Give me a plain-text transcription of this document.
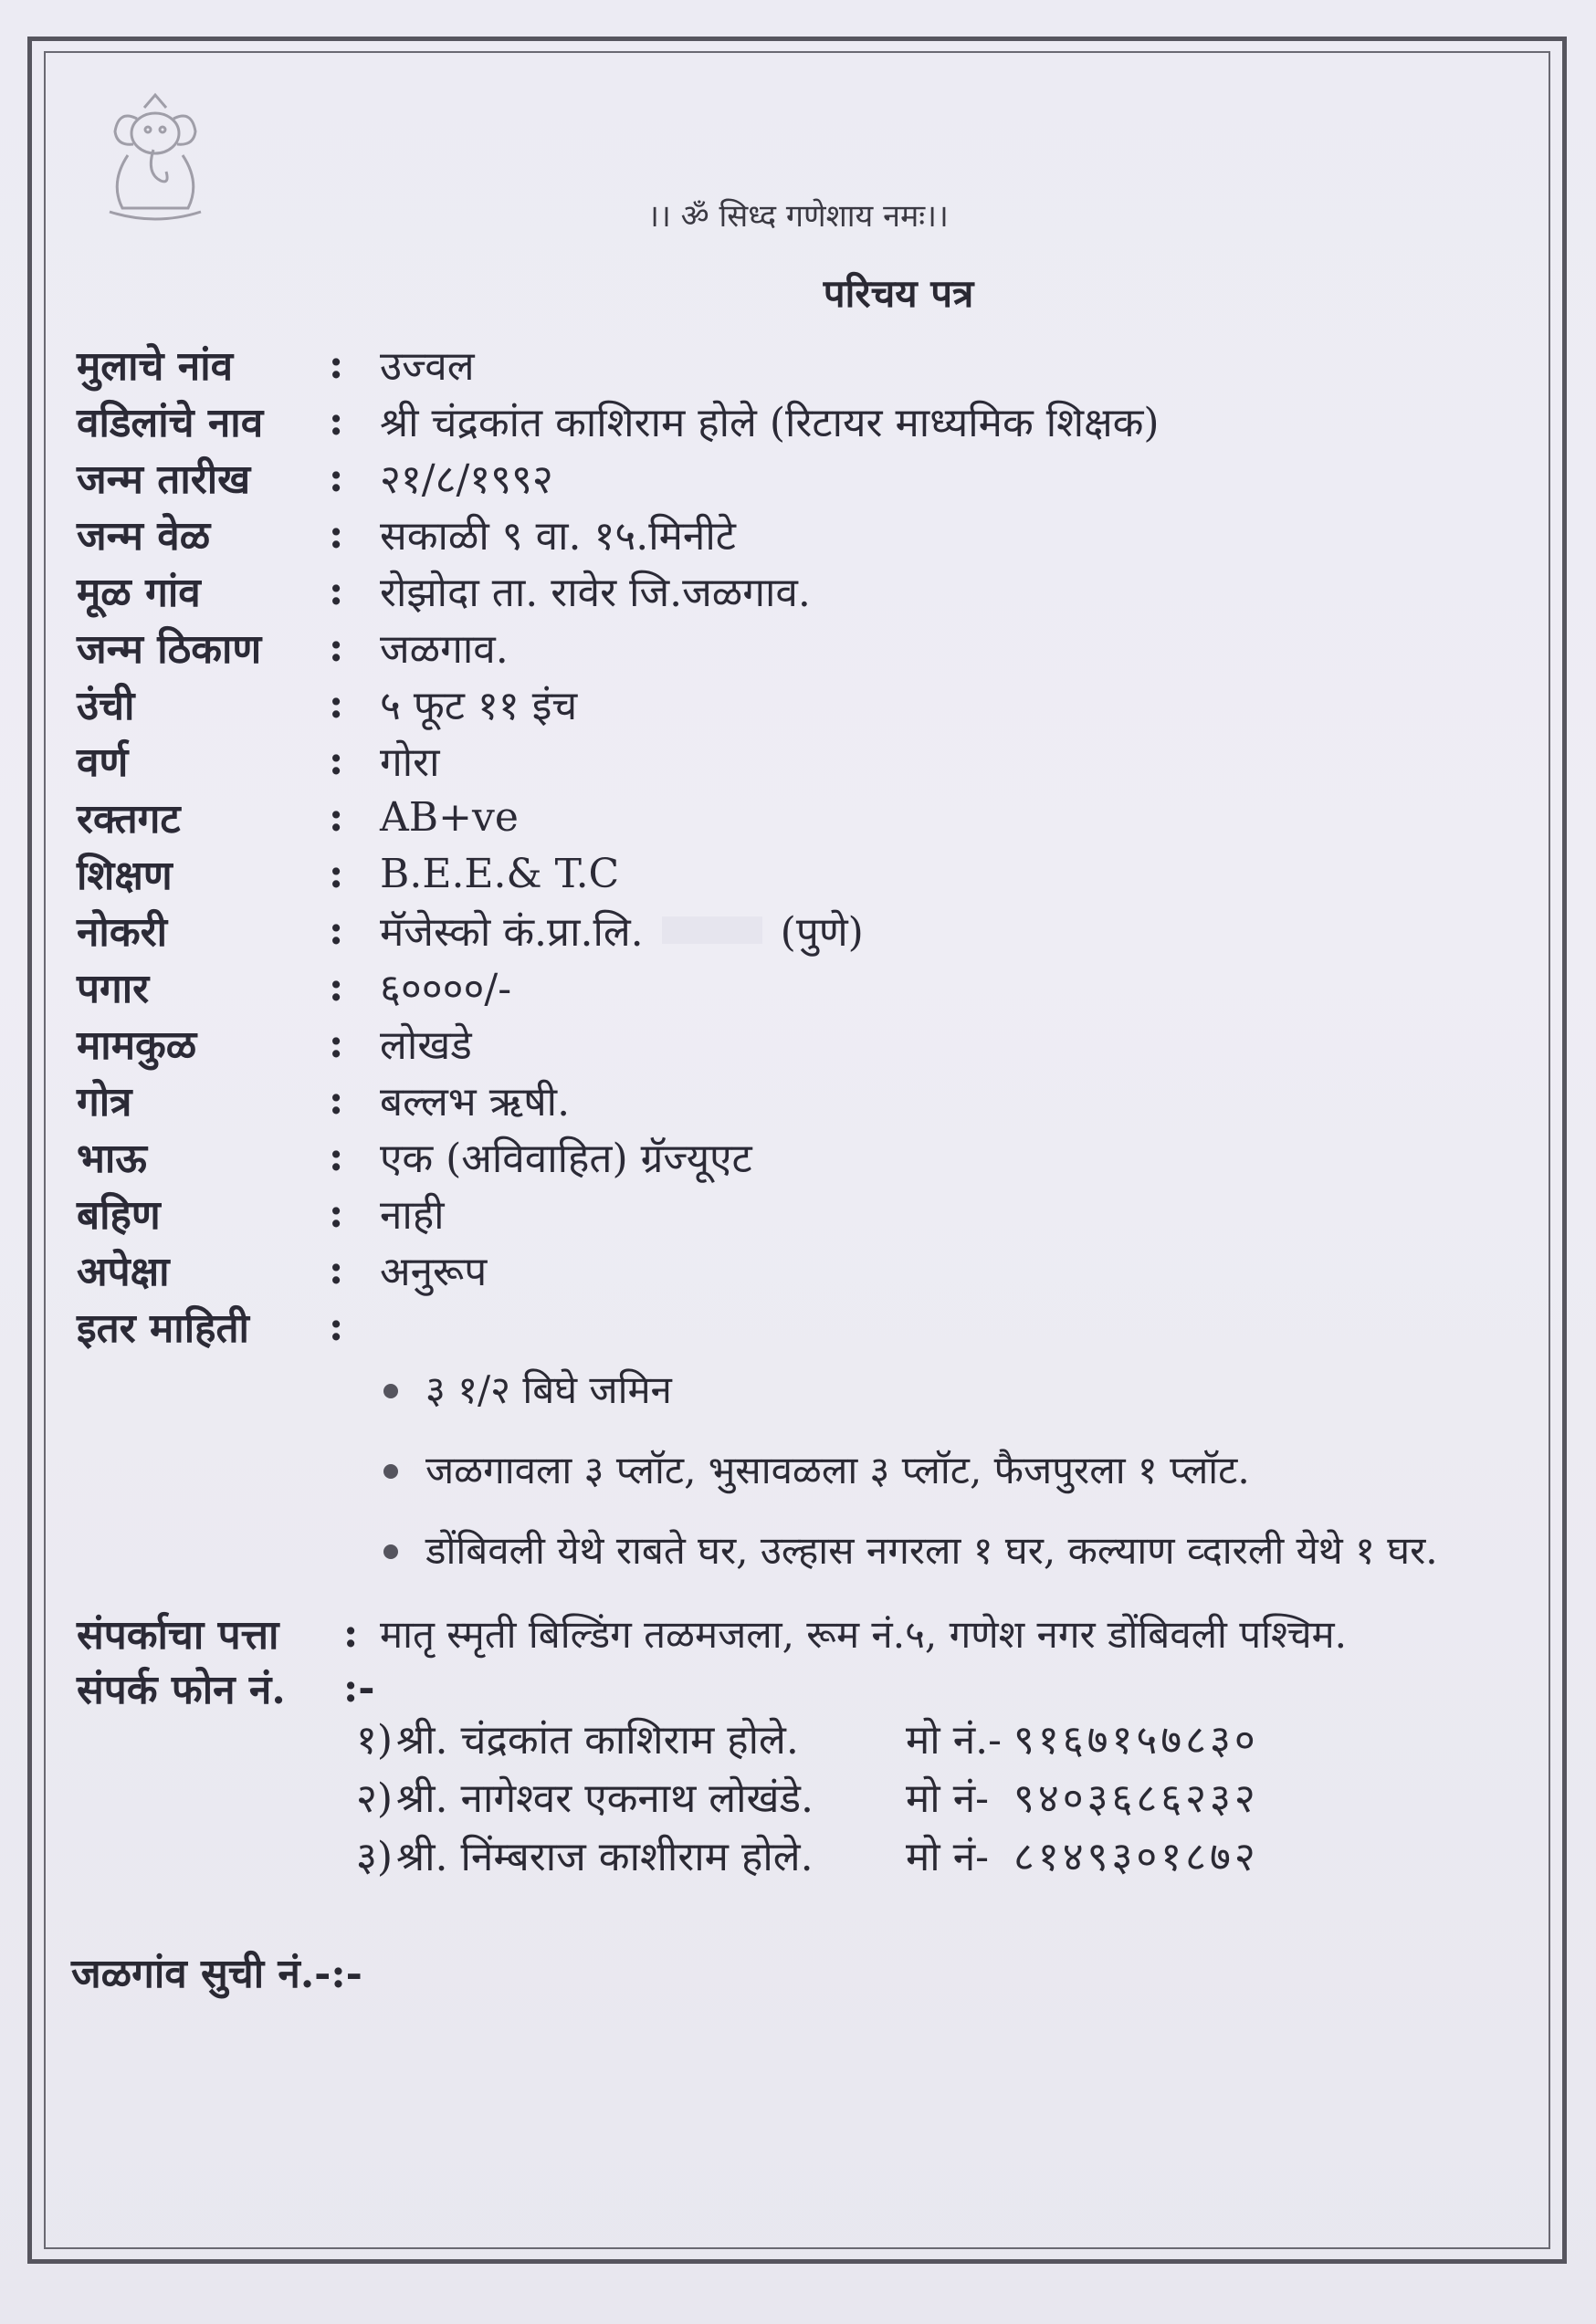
।। ॐ सिध्द गणेशाय नमः।।
परिचय पत्र
मुलाचे नांव	: उज्वल
वडिलांचे नाव	: श्री चंद्रकांत काशिराम होले (रिटायर माध्यमिक शिक्षक)
जन्म तारीख	: २१/८/१९९२
जन्म वेळ	: सकाळी ९ वा. १५.मिनीटे
मूळ गांव	: रोझोदा ता. रावेर जि.जळगाव.
जन्म ठिकाण	: जळगाव.
उंची	: ५ फूट ११ इंच
वर्ण	: गोरा
रक्तगट	: AB+ve
शिक्षण	: B.E.E.& T.C
नोकरी	: मॅजेस्को कं.प्रा.लि.	(पुणे)
पगार	: ६००००/-
मामकुळ	: लोखडे
गोत्र	: बल्लभ ऋषी.
भाऊ	: एक (अविवाहित) ग्रॅज्यूएट
बहिण	: नाही
अपेक्षा	: अनुरूप
इतर माहिती	:
३ १/२ बिघे जमिन
जळगावला ३ प्लॉट, भुसावळला ३ प्लॉट, फैजपुरला १ प्लॉट.
डोंबिवली येथे राबते घर, उल्हास नगरला १ घर, कल्याण व्दारली येथे १ घर.
संपर्काचा पत्ता	: मातृ स्मृती बिल्डिंग तळमजला, रूम नं.५, गणेश नगर डोंबिवली पश्चिम.
संपर्क फोन नं.	:-
१) श्री. चंद्रकांत काशिराम होले.	मो नं.- ९१६७१५७८३०
२) श्री. नागेश्वर एकनाथ लोखंडे.	मो नं- ९४०३६८६२३२
३) श्री. निंम्बराज काशीराम होले.	मो नं- ८१४९३०१८७२
जळगांव सुची नं.-:-
